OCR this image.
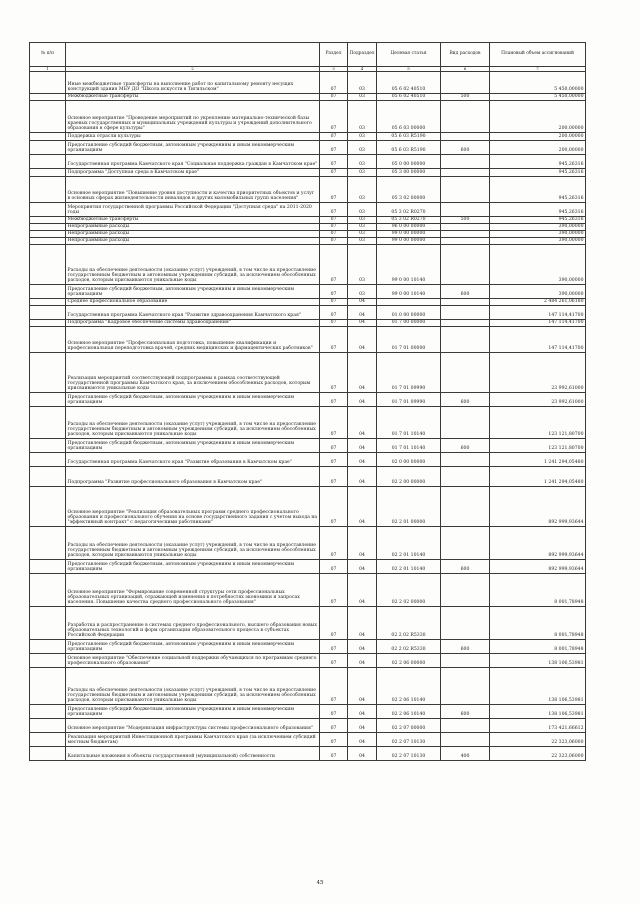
№ п/п		Раздел	Подраздел	Целевая статья	Вид расходов	Плановый объем ассигнований
1	2	3	4	5	6	7
	Иные межбюджетные трансферты на выполнение работ по капитальному ремонту несущих конструкций здания МБУ ДО "Школа искусств в Тигильском"	07	03	05 6 02 40510		5 450,00000
	Межбюджетные трансферты	07	03	05 6 02 40510	500	5 450,00000
	Основное мероприятие "Проведение мероприятий по укреплению материально-технической базы краевых государственных и муниципальных учреждений культуры и учреждений дополнительного образования в сфере культуры"	07	03	05 6 03 00000		200,00000
	Поддержка отрасли культуры	07	03	05 6 03 R5190		200,00000
	Предоставление субсидий бюджетным, автономным учреждениям и иным некоммерческим организациям	07	03	05 6 03 R5190	600	200,00000
	Государственная программа Камчатского края "Социальная поддержка граждан в Камчатском крае"	07	03	05 0 00 00000		945,26316
	Подпрограмма "Доступная среда в Камчатском крае"	07	03	05 3 00 00000		945,26316
	Основное мероприятие "Повышение уровня доступности и качества приоритетных объектов и услуг в основных сферах жизнедеятельности инвалидов и других маломобильных групп населения"	07	03	05 3 02 00000		945,26316
	Мероприятия государственной программы Российской Федерации "Доступная среда" на 2011-2020 годы	07	03	05 3 02 R0270		945,26316
	Межбюджетные трансферты	07	03	05 3 02 R0270	500	945,26316
	Непрограммные расходы	07	03	96 0 00 00000		390,00000
	Непрограммные расходы	07	03	99 0 00 00000		390,00000
	Непрограммные расходы	07	03	99 0 00 00000		390,00000
	Расходы на обеспечение деятельности (оказание услуг) учреждений, в том числе на предоставление государственным бюджетным и автономным учреждениям субсидий, за исключением обособленных расходов, которым присваиваются уникальные коды	07	03	99 0 00 10140		390,00000
	Предоставление субсидий бюджетным, автономным учреждениям и иным некоммерческим организациям	07	03	99 0 00 10140	600	390,00000
	Среднее профессиональное образование	07	04			2 484 261,06180
	Государственная программа Камчатского края "Развитие здравоохранения Камчатского края"	07	04	01 0 00 00000		147 114,41700
	Подпрограмма "Кадровое обеспечение системы здравоохранения"	07	04	01 7 00 00000		147 114,41700
	Основное мероприятие "Профессиональная подготовка, повышение квалификации и профессиональная переподготовка врачей, средних медицинских и фармацевтических работников"	07	04	01 7 01 00000		147 114,41700
	Реализация мероприятий соответствующей подпрограммы в рамках соответствующей государственной программы Камчатского края, за исключением обособленных расходов, которым присваиваются уникальные коды	07	04	01 7 01 09990		23 992,61000
	Предоставление субсидий бюджетным, автономным учреждениям и иным некоммерческим организациям	07	04	01 7 01 09990	600	23 992,61000
	Расходы на обеспечение деятельности (оказание услуг) учреждений, в том числе на предоставление государственным бюджетным и автономным учреждениям субсидий, за исключением обособленных расходов, которым присваиваются уникальные коды	07	04	01 7 01 10140		123 121,80700
	Предоставление субсидий бюджетным, автономным учреждениям и иным некоммерческим организациям	07	04	01 7 01 10140	600	123 121,80700
	Государственная программа Камчатского края "Развитие образования в Камчатском крае"	07	04	02 0 00 00000		1 241 294,05480
	Подпрограмма "Развитие профессионального образования в Камчатском крае"	07	04	02 2 00 00000		1 241 294,05480
	Основное мероприятие "Реализация образовательных программ среднего профессионального образования и профессионального обучения на основе государственного задания с учетом выхода на "эффективный контракт" с педагогическими работниками"	07	04	02 2 01 00000		892 999,93644
	Расходы на обеспечение деятельности (оказание услуг) учреждений, в том числе на предоставление государственным бюджетным и автономным учреждениям субсидий, за исключением обособленных расходов, которым присваиваются уникальные коды	07	04	02 2 01 10140		892 999,93644
	Предоставление субсидий бюджетным, автономным учреждениям и иным некоммерческим организациям	07	04	02 2 01 10140	600	892 999,93644
	Основное мероприятие "Формирование современной структуры сети профессиональных образовательных организаций, отражающей изменения в потребностях экономики и запросах населения. Повышение качества среднего профессионального образования"	07	04	02 2 02 00000		8 001,78948
	Разработка и распространение в системах среднего профессионального, высшего образования новых образовательных технологий и форм организации образовательного процесса в субъектах Российской Федерации	07	04	02 2 02 R5330		8 001,78948
	Предоставление субсидий бюджетным, автономным учреждениям и иным некоммерческим организациям	07	04	02 2 02 R5330	600	8 001,78948
	Основное мероприятие "Обеспечение социальной поддержки обучающихся по программам среднего профессионального образования"	07	04	02 2 06 00000		138 106,53981
	Расходы на обеспечение деятельности (оказание услуг) учреждений, в том числе на предоставление государственным бюджетным и автономным учреждениям субсидий, за исключением обособленных расходов, которым присваиваются уникальные коды	07	04	02 2 06 10140		138 106,53981
	Предоставление субсидий бюджетным, автономным учреждениям и иным некоммерческим организациям	07	04	02 2 06 10140	600	138 106,53981
	Основное мероприятие "Модернизация инфраструктуры системы профессионального образования"	07	04	02 2 07 00000		173 421,66612
	Реализация мероприятий Инвестиционной программы Камчатского края (за исключением субсидий местным бюджетам)	07	04	02 2 07 10130		22 323,06000
	Капитальные вложения в объекты государственной (муниципальной) собственности	07	04	02 2 07 10130	400	22 323,06000
45
